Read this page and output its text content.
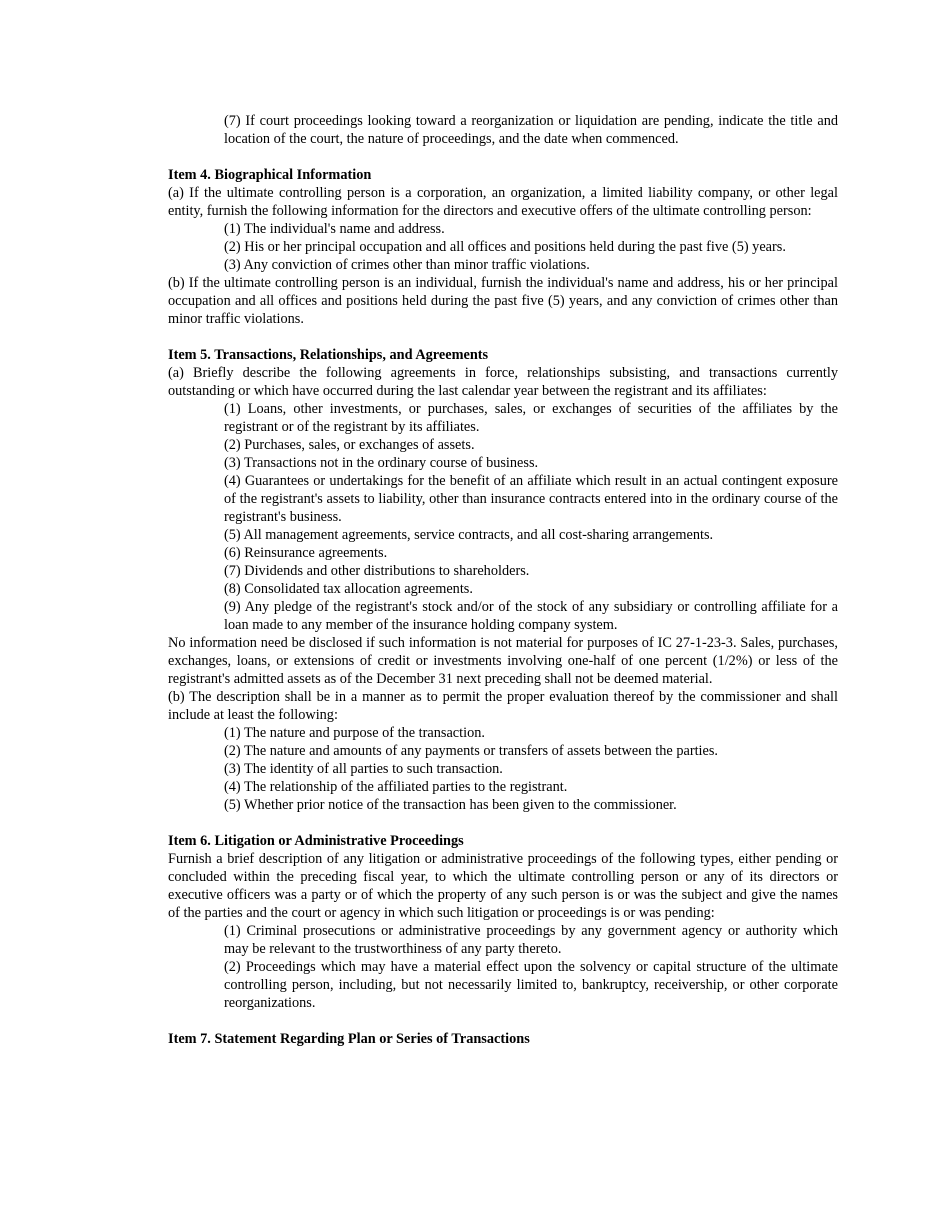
(7) If court proceedings looking toward a reorganization or liquidation are pending, indicate the title and location of the court, the nature of proceedings, and the date when commenced.

Item 4. Biographical Information

(a) If the ultimate controlling person is a corporation, an organization, a limited liability company, or other legal entity, furnish the following information for the directors and executive offers of the ultimate controlling person:

(1) The individual's name and address.

(2) His or her principal occupation and all offices and positions held during the past five (5) years.

(3) Any conviction of crimes other than minor traffic violations.

(b) If the ultimate controlling person is an individual, furnish the individual's name and address, his or her principal occupation and all offices and positions held during the past five (5) years, and any conviction of crimes other than minor traffic violations.

Item 5. Transactions, Relationships, and Agreements

(a) Briefly describe the following agreements in force, relationships subsisting, and transactions currently outstanding or which have occurred during the last calendar year between the registrant and its affiliates:

(1) Loans, other investments, or purchases, sales, or exchanges of securities of the affiliates by the registrant or of the registrant by its affiliates.

(2) Purchases, sales, or exchanges of assets.

(3) Transactions not in the ordinary course of business.

(4) Guarantees or undertakings for the benefit of an affiliate which result in an actual contingent exposure of the registrant's assets to liability, other than insurance contracts entered into in the ordinary course of the registrant's business.

(5) All management agreements, service contracts, and all cost-sharing arrangements.

(6) Reinsurance agreements.

(7) Dividends and other distributions to shareholders.

(8) Consolidated tax allocation agreements.

(9) Any pledge of the registrant's stock and/or of the stock of any subsidiary or controlling affiliate for a loan made to any member of the insurance holding company system.

No information need be disclosed if such information is not material for purposes of IC 27-1-23-3. Sales, purchases, exchanges, loans, or extensions of credit or investments involving one-half of one percent (1/2%) or less of the registrant's admitted assets as of the December 31 next preceding shall not be deemed material.

(b) The description shall be in a manner as to permit the proper evaluation thereof by the commissioner and shall include at least the following:

(1) The nature and purpose of the transaction.

(2) The nature and amounts of any payments or transfers of assets between the parties.

(3) The identity of all parties to such transaction.

(4) The relationship of the affiliated parties to the registrant.

(5) Whether prior notice of the transaction has been given to the commissioner.

Item 6. Litigation or Administrative Proceedings

Furnish a brief description of any litigation or administrative proceedings of the following types, either pending or concluded within the preceding fiscal year, to which the ultimate controlling person or any of its directors or executive officers was a party or of which the property of any such person is or was the subject and give the names of the parties and the court or agency in which such litigation or proceedings is or was pending:

(1) Criminal prosecutions or administrative proceedings by any government agency or authority which may be relevant to the trustworthiness of any party thereto.

(2) Proceedings which may have a material effect upon the solvency or capital structure of the ultimate controlling person, including, but not necessarily limited to, bankruptcy, receivership, or other corporate reorganizations.

Item 7. Statement Regarding Plan or Series of Transactions
